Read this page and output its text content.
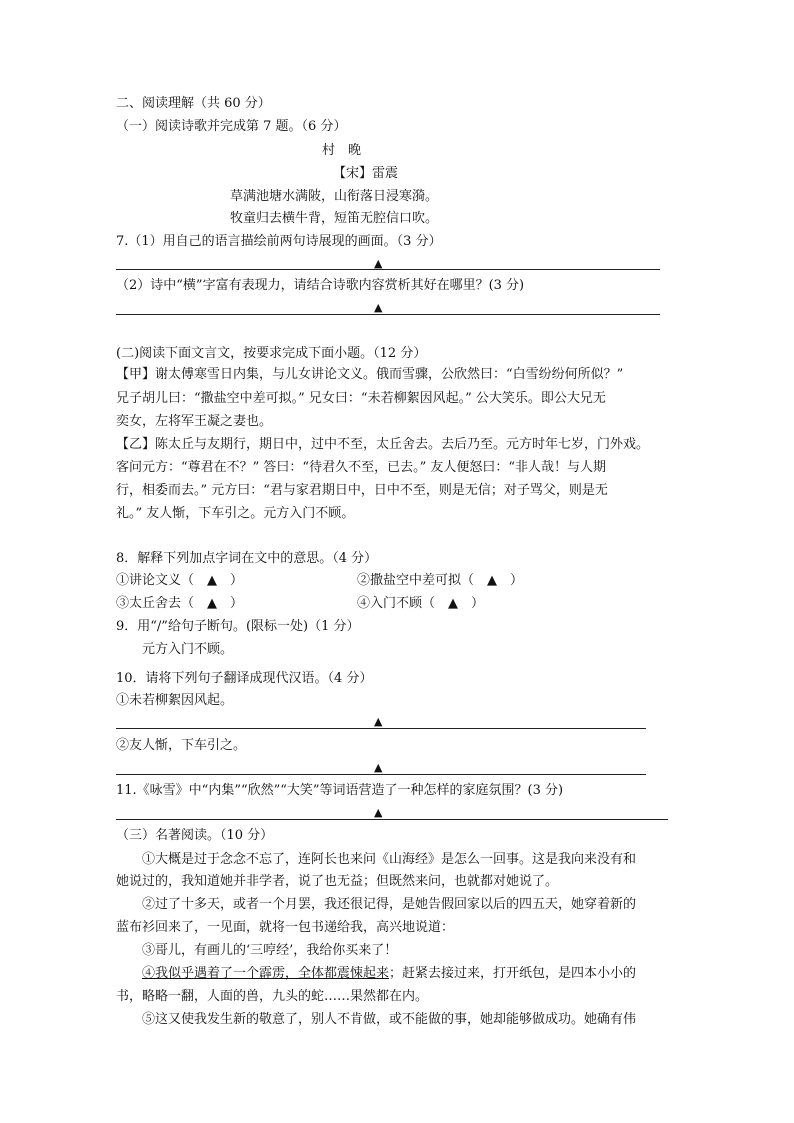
二、阅读理解（共 60 分）
（一）阅读诗歌并完成第 7 题。（6 分）
村　晚
【宋】雷震
草满池塘水满陂，山衔落日浸寒漪。
牧童归去横牛背，短笛无腔信口吹。
7.（1）用自己的语言描绘前两句诗展现的画面。（3 分）
▲
（2）诗中“横”字富有表现力，请结合诗歌内容赏析其好在哪里？(3 分)
▲
(二)阅读下面文言文，按要求完成下面小题。（12 分）
【甲】谢太傅寒雪日内集，与儿女讲论文义。俄而雪骤，公欣然曰：“白雪纷纷何所似？”
兄子胡儿曰：“撒盐空中差可拟。” 兄女曰：“未若柳絮因风起。” 公大笑乐。即公大兄无
奕女，左将军王凝之妻也。
【乙】陈太丘与友期行，期日中，过中不至，太丘舍去。去后乃至。元方时年七岁，门外戏。
客问元方：“尊君在不？” 答曰：“待君久不至，已去。” 友人便怒曰：“非人哉！与人期
行，相委而去。” 元方曰：“君与家君期日中，日中不至，则是无信；对子骂父，则是无
礼。” 友人惭，下车引之。元方入门不顾。
8．解释下列加点字词在文中的意思。（4 分）
①讲论文义（　▲　）	②撒盐空中差可拟（　▲　）
③太丘舍去（　▲　）	④入门不顾（　▲　）
9．用“/”给句子断句。(限标一处)（1 分）
元方入门不顾。
10．请将下列句子翻译成现代汉语。（4 分）
①未若柳絮因风起。
▲
②友人惭，下车引之。
▲
11.《咏雪》中“内集”“欣然”“大笑”等词语营造了一种怎样的家庭氛围？(3 分)
▲
（三）名著阅读。（10 分）
①大概是过于念念不忘了，连阿长也来问《山海经》是怎么一回事。这是我向来没有和
她说过的，我知道她并非学者，说了也无益；但既然来问，也就都对她说了。
②过了十多天，或者一个月罢，我还很记得，是她告假回家以后的四五天，她穿着新的
蓝布衫回来了，一见面，就将一包书递给我，高兴地说道：
③哥儿，有画儿的‘三哼经’，我给你买来了！
④我似乎遇着了一个霹雳，全体都震悚起来；赶紧去接过来，打开纸包，是四本小小的
书，略略一翻，人面的兽，九头的蛇……果然都在内。
⑤这又使我发生新的敬意了，别人不肯做，或不能做的事，她却能够做成功。她确有伟
